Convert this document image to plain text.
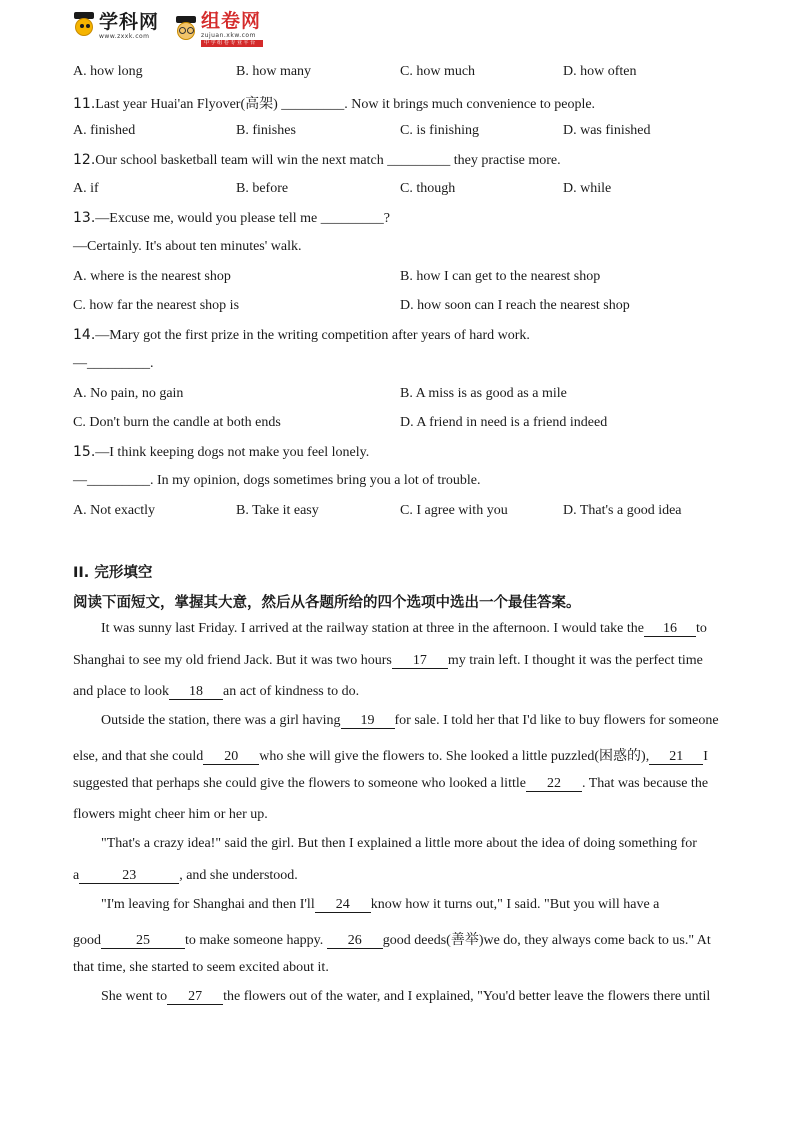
学科网
www.zxxk.com
组卷网
zujuan.xkw.com
中 学 组 卷 专 业 平 台
A. how long	B. how many	C. how much	D. how often
11.Last year Huai'an Flyover(高架) _________. Now it brings much convenience to people.
A. finished	B. finishes	C. is finishing	D. was finished
12.Our school basketball team will win the next match _________ they practise more.
A. if	B. before	C. though	D. while
13.—Excuse me, would you please tell me _________?
—Certainly. It's about ten minutes' walk.
A. where is the nearest shop	B. how I can get to the nearest shop
C. how far the nearest shop is	D. how soon can I reach the nearest shop
14.—Mary got the first prize in the writing competition after years of hard work.
—_________.
A. No pain, no gain	B. A miss is as good as a mile
C. Don't burn the candle at both ends	D. A friend in need is a friend indeed
15.—I think keeping dogs not make you feel lonely.
—_________. In my opinion, dogs sometimes bring you a lot of trouble.
A. Not exactly	B. Take it easy	C. I agree with you	D. That's a good idea
II. 完形填空
阅读下面短文，掌握其大意，然后从各题所给的四个选项中选出一个最佳答案。
It was sunny last Friday. I arrived at the railway station at three in the afternoon. I would take the 16 to
Shanghai to see my old friend Jack. But it was two hours 17 my train left. I thought it was the perfect time
and place to look 18 an act of kindness to do.
Outside the station, there was a girl having 19 for sale. I told her that I'd like to buy flowers for someone
else, and that she could 20 who she will give the flowers to. She looked a little puzzled(困惑的), 21 I
suggested that perhaps she could give the flowers to someone who looked a little 22 . That was because the
flowers might cheer him or her up.
"That's a crazy idea!" said the girl. But then I explained a little more about the idea of doing something for
a	23	, and she understood.
"I'm leaving for Shanghai and then I'll 24 know how it turns out," I said. "But you will have a
good	25	to make someone happy. 26 good deeds(善举)we do, they always come back to us." At
that time, she started to seem excited about it.
She went to 27 the flowers out of the water, and I explained, "You'd better leave the flowers there until
